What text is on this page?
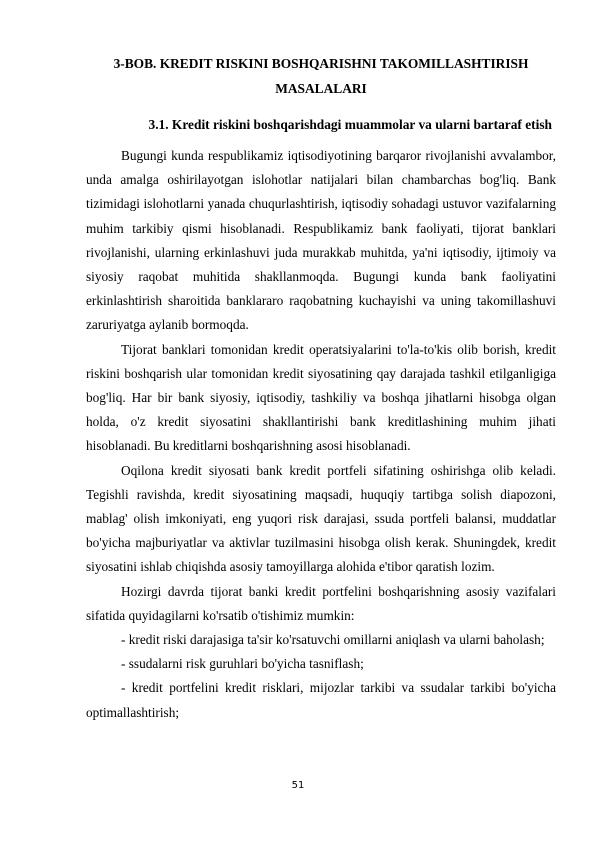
3-BOB. KREDIT RISKINI BOSHQARISHNI TAKOMILLASHTIRISH
MASALALARI
3.1. Kredit riskini boshqarishdagi muammolar va ularni bartaraf etish

Bugungi kunda respublikamiz iqtisodiyotining barqaror rivojlanishi avvalambor, unda amalga oshirilayotgan islohotlar natijalari bilan chambarchas bog'liq. Bank tizimidagi islohotlarni yanada chuqurlashtirish, iqtisodiy sohadagi ustuvor vazifalarning muhim tarkibiy qismi hisoblanadi. Respublikamiz bank faoliyati, tijorat banklari rivojlanishi, ularning erkinlashuvi juda murakkab muhitda, ya'ni iqtisodiy, ijtimoiy va siyosiy raqobat muhitida shakllanmoqda. Bugungi kunda bank faoliyatini erkinlashtirish sharoitida banklararo raqobatning kuchayishi va uning takomillashuvi zaruriyatga aylanib bormoqda.

Tijorat banklari tomonidan kredit operatsiyalarini to'la-to'kis olib borish, kredit riskini boshqarish ular tomonidan kredit siyosatining qay darajada tashkil etilganligiga bog'liq. Har bir bank siyosiy, iqtisodiy, tashkiliy va boshqa jihatlarni hisobga olgan holda, o'z kredit siyosatini shakllantirishi bank kreditlashining muhim jihati hisoblanadi. Bu kreditlarni boshqarishning asosi hisoblanadi.

Oqilona kredit siyosati bank kredit portfeli sifatining oshirishga olib keladi. Tegishli ravishda, kredit siyosatining maqsadi, huquqiy tartibga solish diapozoni, mablag' olish imkoniyati, eng yuqori risk darajasi, ssuda portfeli balansi, muddatlar bo'yicha majburiyatlar va aktivlar tuzilmasini hisobga olish kerak. Shuningdek, kredit siyosatini ishlab chiqishda asosiy tamoyillarga alohida e'tibor qaratish lozim.

Hozirgi davrda tijorat banki kredit portfelini boshqarishning asosiy vazifalari sifatida quyidagilarni ko'rsatib o'tishimiz mumkin:

- kredit riski darajasiga ta'sir ko'rsatuvchi omillarni aniqlash va ularni baholash;

- ssudalarni risk guruhlari bo'yicha tasniflash;

- kredit portfelini kredit risklari, mijozlar tarkibi va ssudalar tarkibi bo'yicha optimallashtirish;

51
